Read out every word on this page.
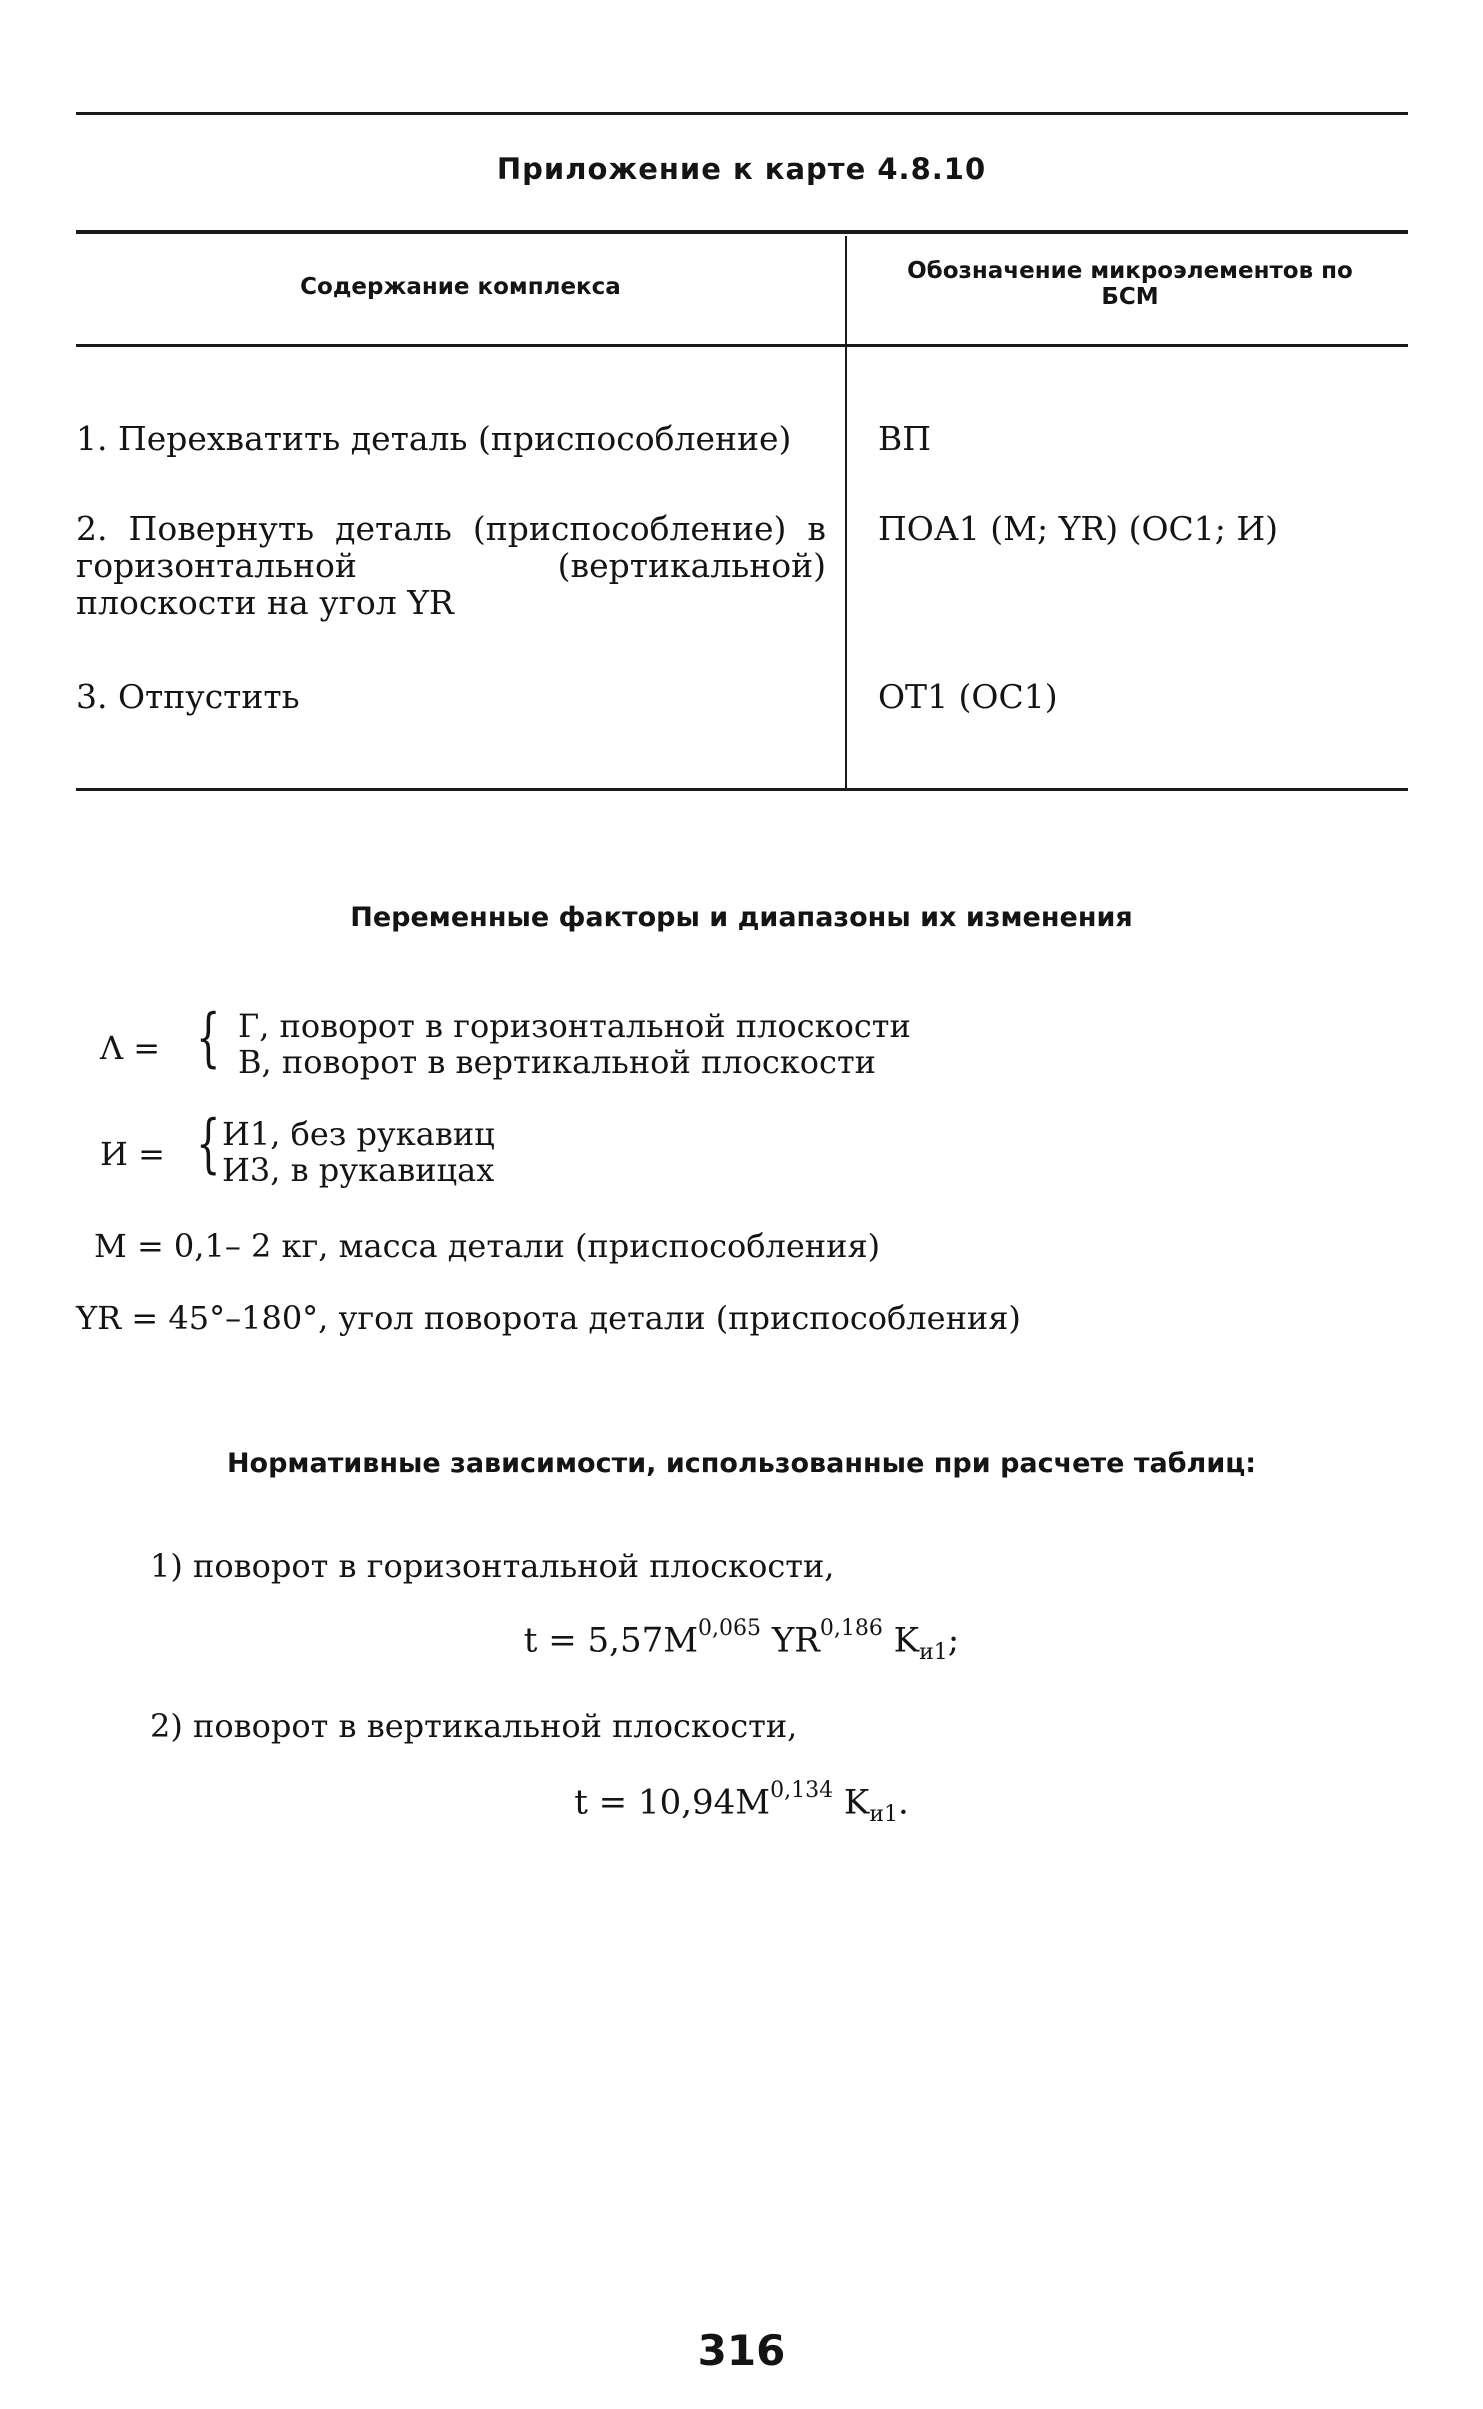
Приложение к карте 4.8.10
Содержание комплекса
Обозначение микроэлементов по БСМ
1. Перехватить деталь (приспособление)	ВП
2. Повернуть деталь (приспособление) в горизонтальной (вертикальной) плоскости на угол YR
ПОА1 (М; YR) (ОС1; И)
3. Отпустить	ОТ1 (ОС1)
Переменные факторы и диапазоны их изменения
Λ = { Г, поворот в горизонтальной плоскости
В, поворот в вертикальной плоскости
И = { И1, без рукавиц
И3, в рукавицах
M = 0,1– 2 кг, масса детали (приспособления)
YR = 45°–180°, угол поворота детали (приспособления)
Нормативные зависимости, использованные при расчете таблиц:
1) поворот в горизонтальной плоскости,
$t = 5,57M^{0,065}$ YR$^{0,186}$ $K_{и1}$;
2) поворот в вертикальной плоскости,
$t = 10,94M^{0,134}$ $K_{и1}$.
316
